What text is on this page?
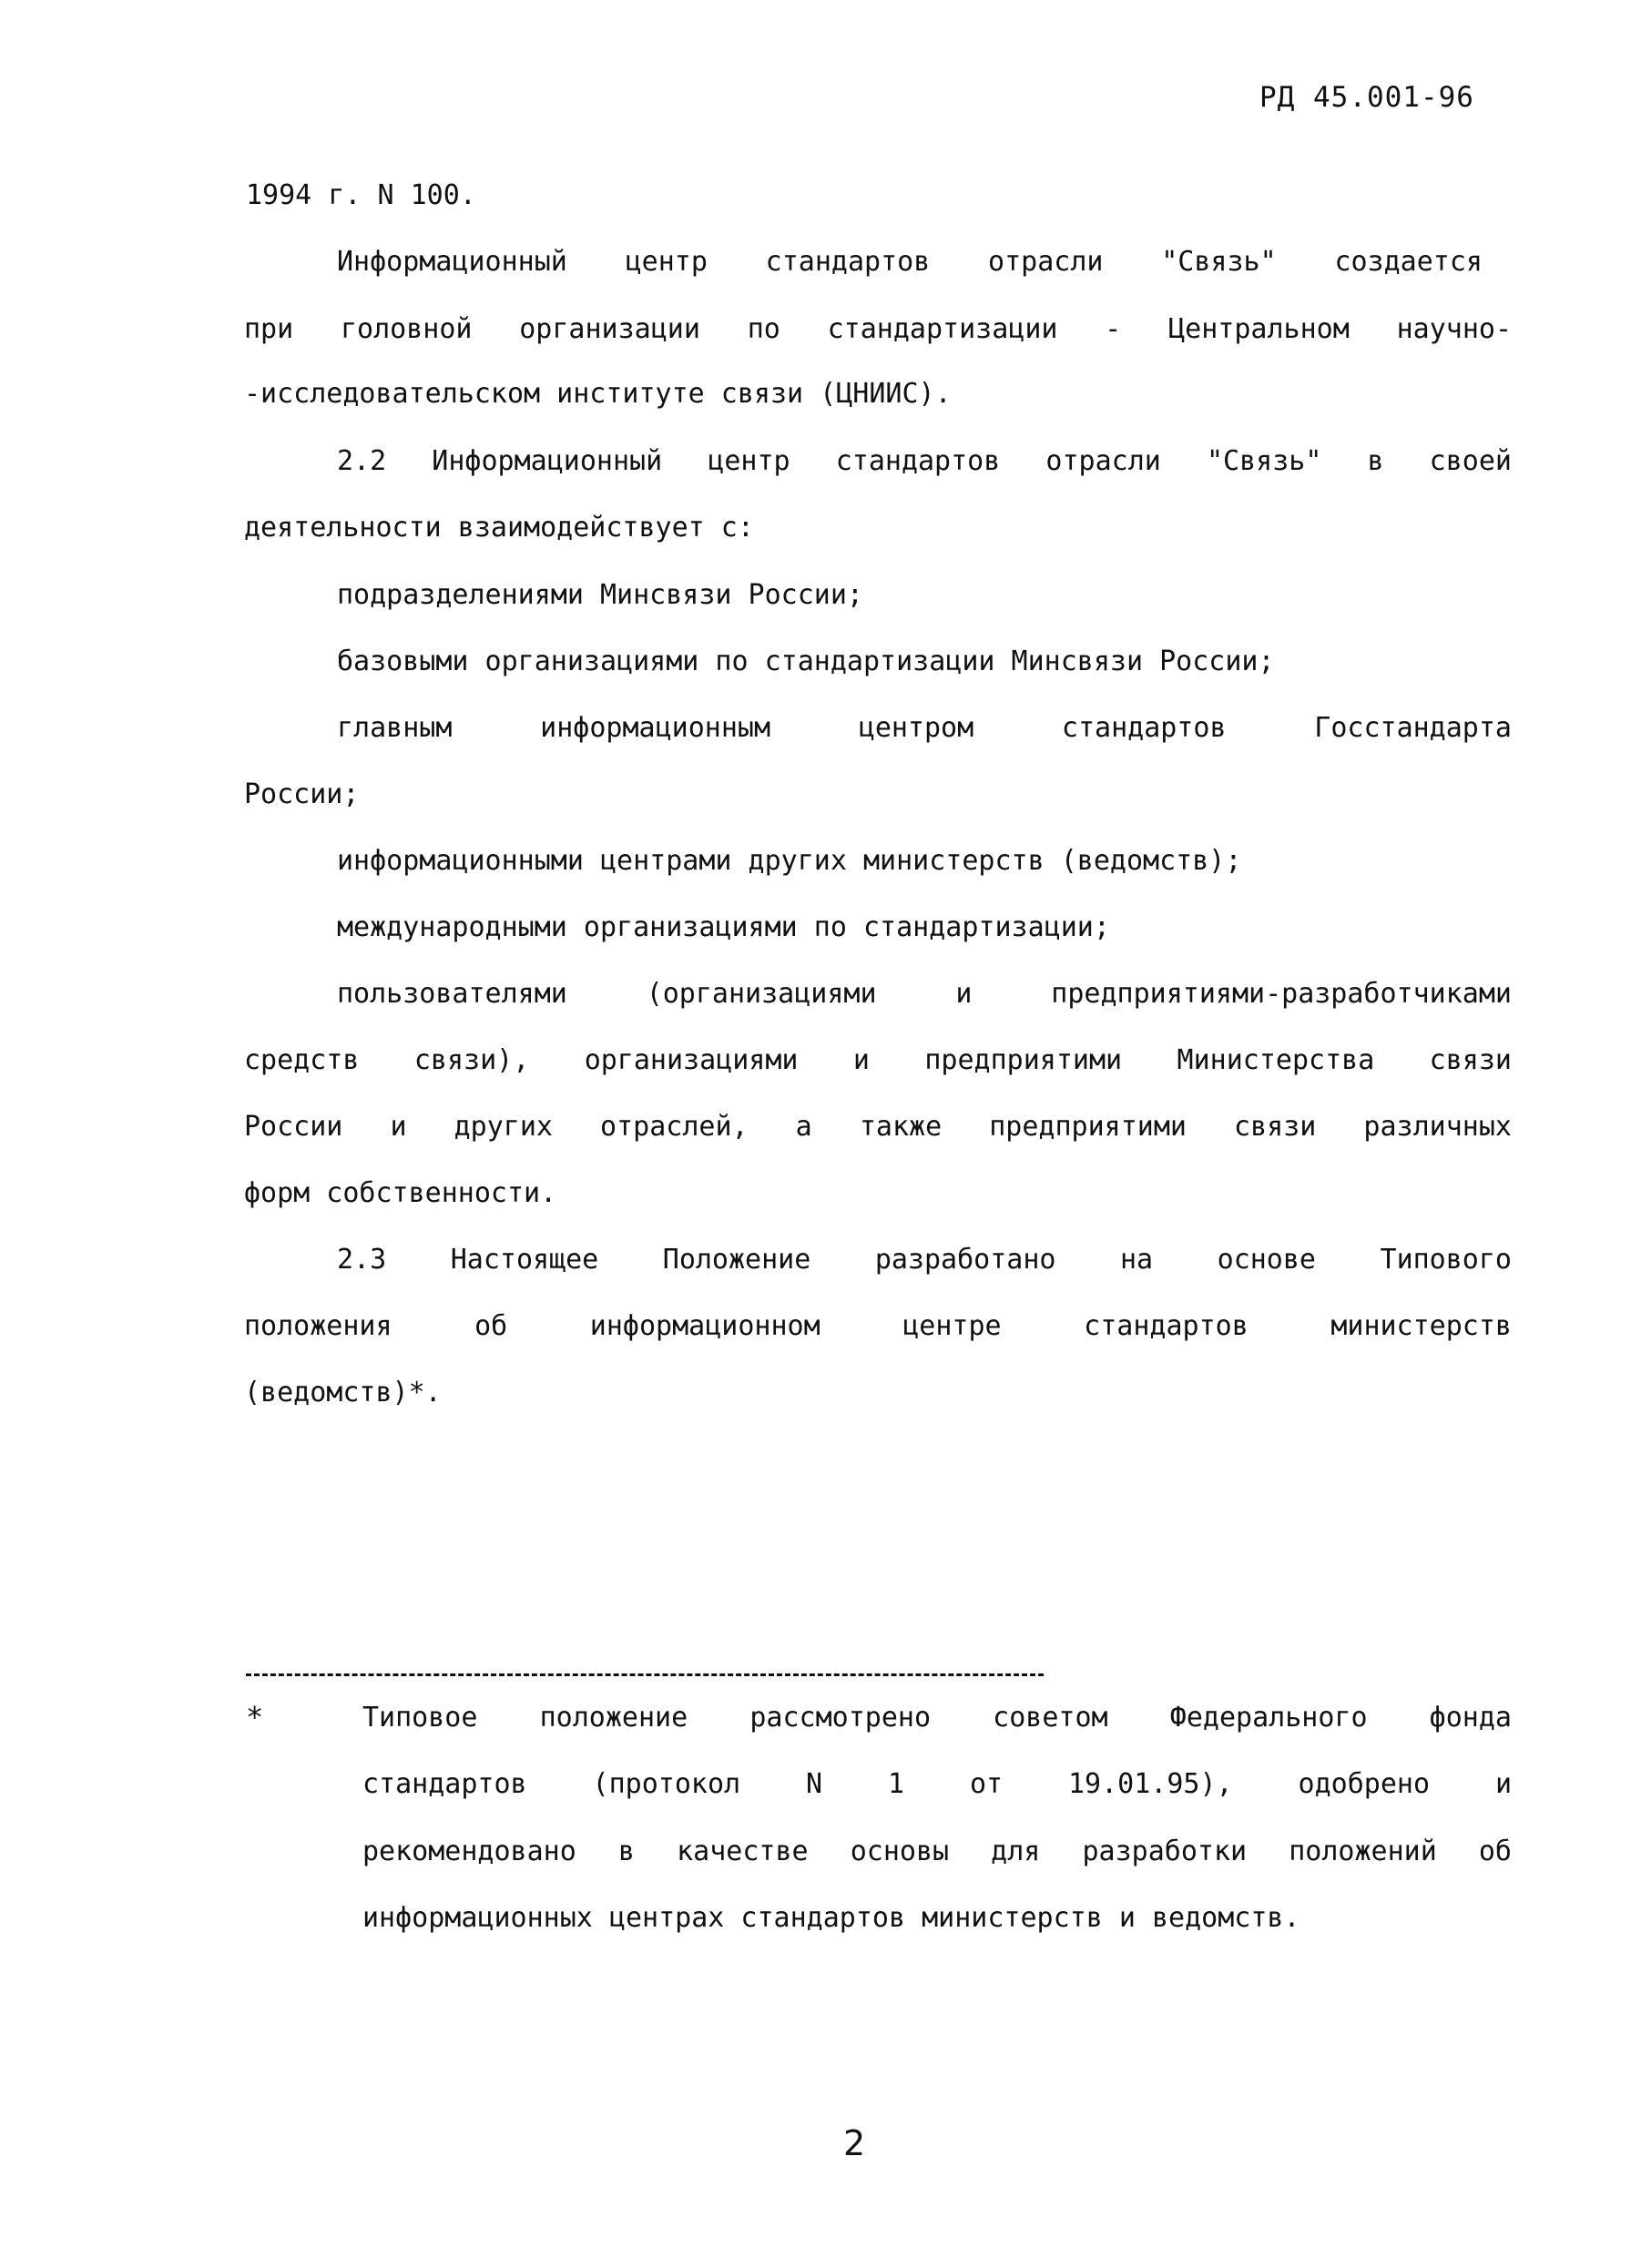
РД 45.001-96
1994 г. N 100.
Информационный центр стандартов отрасли "Связь" создается
при головной организации по стандартизации - Центральном научно-
-исследовательском институте связи (ЦНИИС).
2.2 Информационный центр стандартов отрасли "Связь" в своей
деятельности взаимодействует с:
подразделениями Минсвязи России;
базовыми организациями по стандартизации Минсвязи России;
главным информационным центром стандартов Госстандарта
России;
информационными центрами других министерств (ведомств);
международными организациями по стандартизации;
пользователями (организациями и предприятиями-разработчиками
средств связи), организациями и предприятими Министерства связи
России и других отраслей, а также предприятими связи различных
форм собственности.
2.3 Настоящее Положение разработано на основе Типового
положения об информационном центре стандартов министерств
(ведомств)*.
*	Типовое положение рассмотрено советом Федерального фонда
стандартов (протокол N 1 от 19.01.95), одобрено и
рекомендовано в качестве основы для разработки положений об
информационных центрах стандартов министерств и ведомств.
2
